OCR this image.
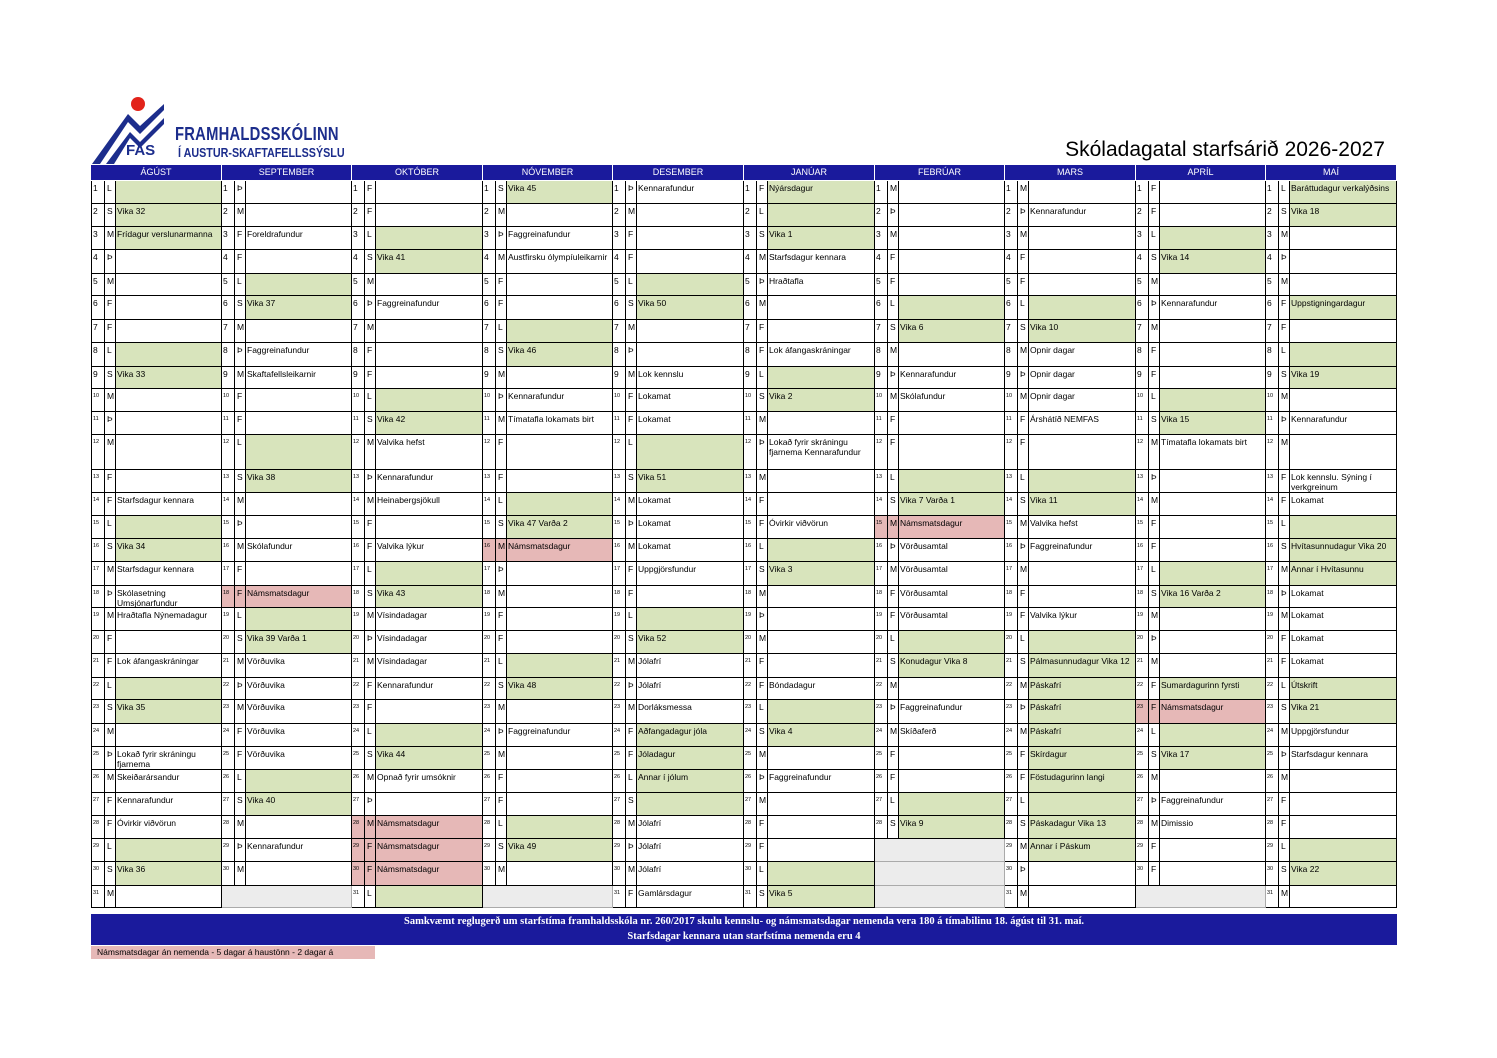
FAS
FRAMHALDSSKÓLINN
Í AUSTUR-SKAFTAFELLSSÝSLU	Skóladagatal starfsárið 2026-2027
ÁGÚST
1	L
2	S Vika 32
3	M Frídagur verslunarmanna
4	Þ
5	M
6	F
7	F
8	L
9	S Vika 33
10 M
11 Þ
12 M
13 F
14 F Starfsdagur kennara
15 L
16 S Vika 34
17 M Starfsdagur kennara
18 Þ Skólasetning Umsjónarfundur
19 M Hraðtafla Nýnemadagur
20 F
21 F Lok áfangaskráningar
22 L
23 S Vika 35
24 M
25 Þ Lokað fyrir skráningu fjarnema
26 M Skeiðarársandur
27 F Kennarafundur
28 F Óvirkir viðvörun
29 L
30 S Vika 36
31 M
SEPTEMBER
1	Þ
2	M
3	F Foreldrafundur
4	F
5	L
6	S Vika 37
7	M
8	Þ Faggreinafundur
9	M Skaftafellsleikarnir
10 F
11 F
12 L
13 S Vika 38
14 M
15 Þ
16 M Skólafundur
17 F
18 F Námsmatsdagur
19 L
20 S Vika 39 Varða 1
21 M Vörðuvika
22 Þ Vörðuvika
23 M Vörðuvika
24 F Vörðuvika
25 F Vörðuvika
26 L
27 S Vika 40
28 M
29 Þ Kennarafundur
30 M
OKTÓBER
1	F
2	F
3	L
4	S Vika 41
5	M
6	Þ Faggreinafundur
7	M
8	F
9	F
10 L
11 S Vika 42
12 M Valvika hefst
13 Þ Kennarafundur
14 M Heinabergsjökull
15 F
16 F Valvika lýkur
17 L
18 S Vika 43
19 M Vísindadagar
20 Þ Vísindadagar
21 M Vísindadagar
22 F Kennarafundur
23 F
24 L
25 S Vika 44
26 M Opnað fyrir umsóknir
27 Þ
28 M Námsmatsdagur
29 F Námsmatsdagur
30 F Námsmatsdagur
31 L
NÓVEMBER
1	S Vika 45
2	M
3	Þ Faggreinafundur
4	M Austfirsku ólympíuleikarnir
5	F
6	F
7	L
8	S Vika 46
9	M
10 Þ Kennarafundur
11 M Tímatafla lokamats birt
12 F
13 F
14 L
15 S Vika 47 Varða 2
16 M Námsmatsdagur
17 Þ
18 M
19 F
20 F
21 L
22 S Vika 48
23 M
24 Þ Faggreinafundur
25 M
26 F
27 F
28 L
29 S Vika 49
30 M
DESEMBER
1	Þ Kennarafundur
2	M
3	F
4	F
5	L
6	S Vika 50
7	M
8	Þ
9	M Lok kennslu
10 F Lokamat
11 F Lokamat
12 L
13 S Vika 51
14 M Lokamat
15 Þ Lokamat
16 M Lokamat
17 F Uppgjörsfundur
18 F
19 L
20 S Vika 52
21 M Jólafrí
22 Þ Jólafrí
23 M Dorláksmessa
24 F Aðfangadagur jóla
25 F Jóladagur
26 L Annar í jólum
27 S
28 M Jólafrí
29 Þ Jólafrí
30 M Jólafrí
31 F Gamlársdagur
JANÚAR
1	F Nýársdagur
2	L
3	S Vika 1
4	M Starfsdagur kennara
5	Þ Hraðtafla
6	M
7	F
8	F Lok áfangaskráningar
9	L
10 S Vika 2
11 M
12 Þ Lokað fyrir skráningu fjarnema Kennarafundur
13 M
14 F
15 F Óvirkir viðvörun
16 L
17 S Vika 3
18 M
19 Þ
20 M
21 F
22 F Bóndadagur
23 L
24 S Vika 4
25 M
26 Þ Faggreinafundur
27 M
28 F
29 F
30 L
31 S Vika 5
FEBRÚAR
1	M
2	Þ
3	M
4	F
5	F
6	L
7	S Vika 6
8	M
9	Þ Kennarafundur
10 M Skólafundur
11 F
12 F
13 L
14 S Vika 7 Varða 1
15 M Námsmatsdagur
16 Þ Vörðusamtal
17 M Vörðusamtal
18 F Vörðusamtal
19 F Vörðusamtal
20 L
21 S Konudagur Vika 8
22 M
23 Þ Faggreinafundur
24 M Skíðaferð
25 F
26 F
27 L
28 S Vika 9
MARS
1	M
2	Þ Kennarafundur
3	M
4	F
5	F
6	L
7	S Vika 10
8	M Opnir dagar
9	Þ Opnir dagar
10 M Opnir dagar
11 F Árshátíð NEMFAS
12 F
13 L
14 S Vika 11
15 M Valvika hefst
16 Þ Faggreinafundur
17 M
18 F
19 F Valvika lýkur
20 L
21 S Pálmasunnudagur Vika 12
22 M Páskafrí
23 Þ Páskafrí
24 M Páskafrí
25 F Skírdagur
26 F Föstudagurinn langi
27 L
28 S Páskadagur Vika 13
29 M Annar í Páskum
30 Þ
31 M
APRÍL
1	F
2	F
3	L
4	S Vika 14
5	M
6	Þ Kennarafundur
7	M
8	F
9	F
10 L
11 S Vika 15
12 M Tímatafla lokamats birt
13 Þ
14 M
15 F
16 F
17 L
18 S Vika 16 Varða 2
19 M
20 Þ
21 M
22 F Sumardagurinn fyrsti
23 F Námsmatsdagur
24 L
25 S Vika 17
26 M
27 Þ Faggreinafundur
28 M Dimissio
29 F
30 F
MAÍ
1	L Baráttudagur verkalýðsins
2	S Vika 18
3	M
4	Þ
5	M
6	F Uppstigningardagur
7	F
8	L
9	S Vika 19
10 M
11 Þ Kennarafundur
12 M
13 F Lok kennslu. Sýning í verkgreinum
14 F Lokamat
15 L
16 S Hvítasunnudagur Vika 20
17 M Annar í Hvítasunnu
18 Þ Lokamat
19 M Lokamat
20 F Lokamat
21 F Lokamat
22 L Útskrift
23 S Vika 21
24 M Uppgjörsfundur
25 Þ Starfsdagur kennara
26 M
27 F
28 F
29 L
30 S Vika 22
31 M
Samkvæmt reglugerð um starfstíma framhaldsskóla nr. 260/2017 skulu kennslu- og námsmatsdagar nemenda vera 180 á tímabilinu 18. ágúst til 31. maí.
Starfsdagar kennara utan starfstíma nemenda eru 4
Námsmatsdagar án nemenda - 5 dagar á haustönn - 2 dagar á
